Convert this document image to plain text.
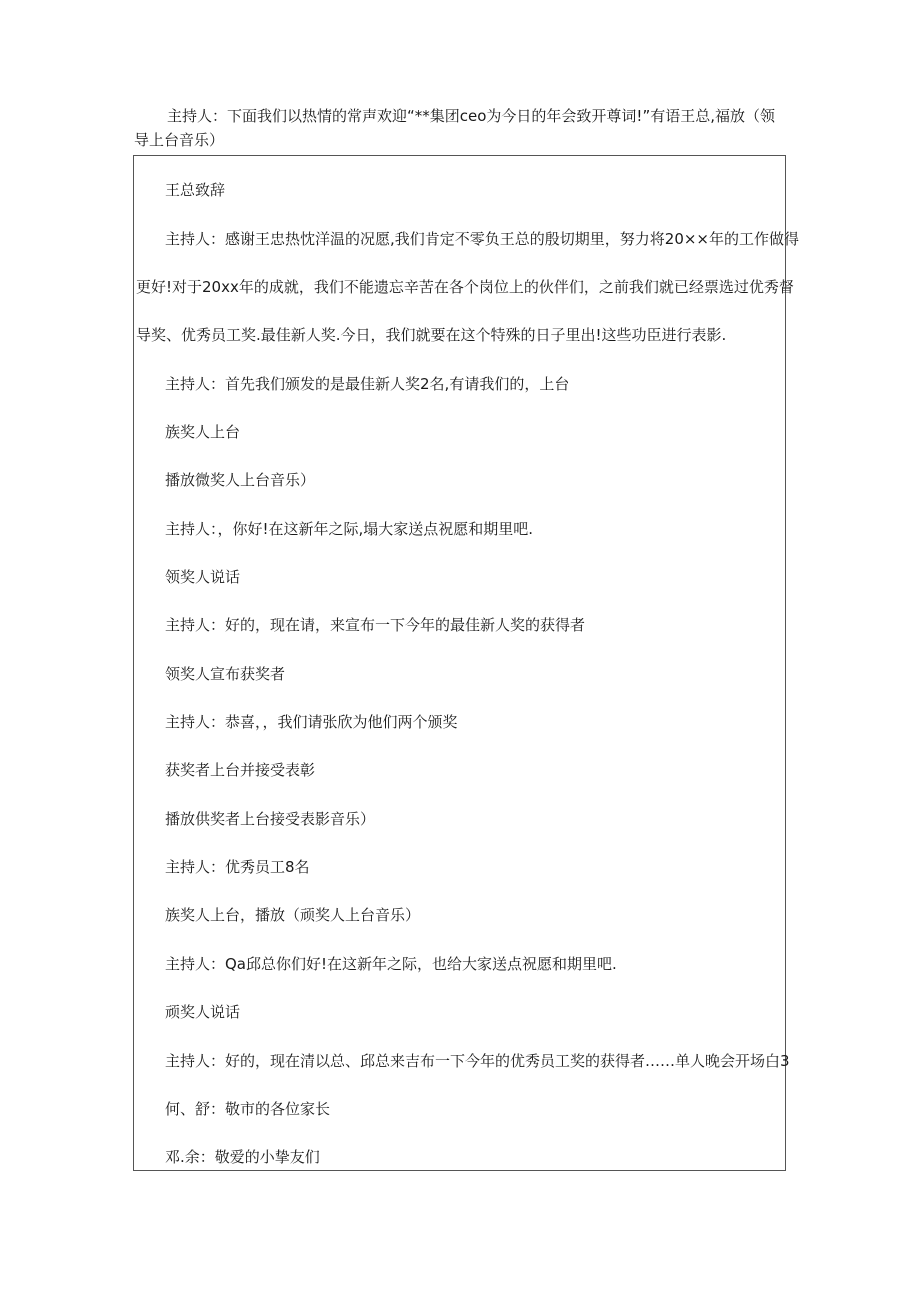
主持人：下面我们以热情的常声欢迎“**集团ceo为今日的年会致开尊词!”有语王总,福放（领导上台音乐）

王总致辞

主持人：感谢王忠热忱洋温的况愿,我们肯定不零负王总的殷切期里，努力将20××年的工作做得

更好!对于20xx年的成就，我们不能遗忘辛苦在各个岗位上的伙伴们，之前我们就已经票选过优秀督

导奖、优秀员工奖.最佳新人奖.今日，我们就要在这个特殊的日子里出!这些功臣进行表影.

主持人：首先我们颁发的是最佳新人奖2名,有请我们的，上台

族奖人上台

播放微奖人上台音乐）

主持人：，你好!在这新年之际,塌大家送点祝愿和期里吧.

领奖人说话

主持人：好的，现在请，来宣布一下今年的最佳新人奖的获得者

领奖人宣布获奖者

主持人：恭喜，，我们请张欣为他们两个颁奖

获奖者上台并接受表彰

播放供奖者上台接受表影音乐）

主持人：优秀员工8名

族奖人上台，播放（顽奖人上台音乐）

主持人：Qa邱总你们好!在这新年之际，也给大家送点祝愿和期里吧.

顽奖人说话

主持人：好的，现在清以总、邱总来吉布一下今年的优秀员工奖的获得者……单人晚会开场白3

何、舒：敬市的各位家长

邓.余：敬爱的小挚友们
